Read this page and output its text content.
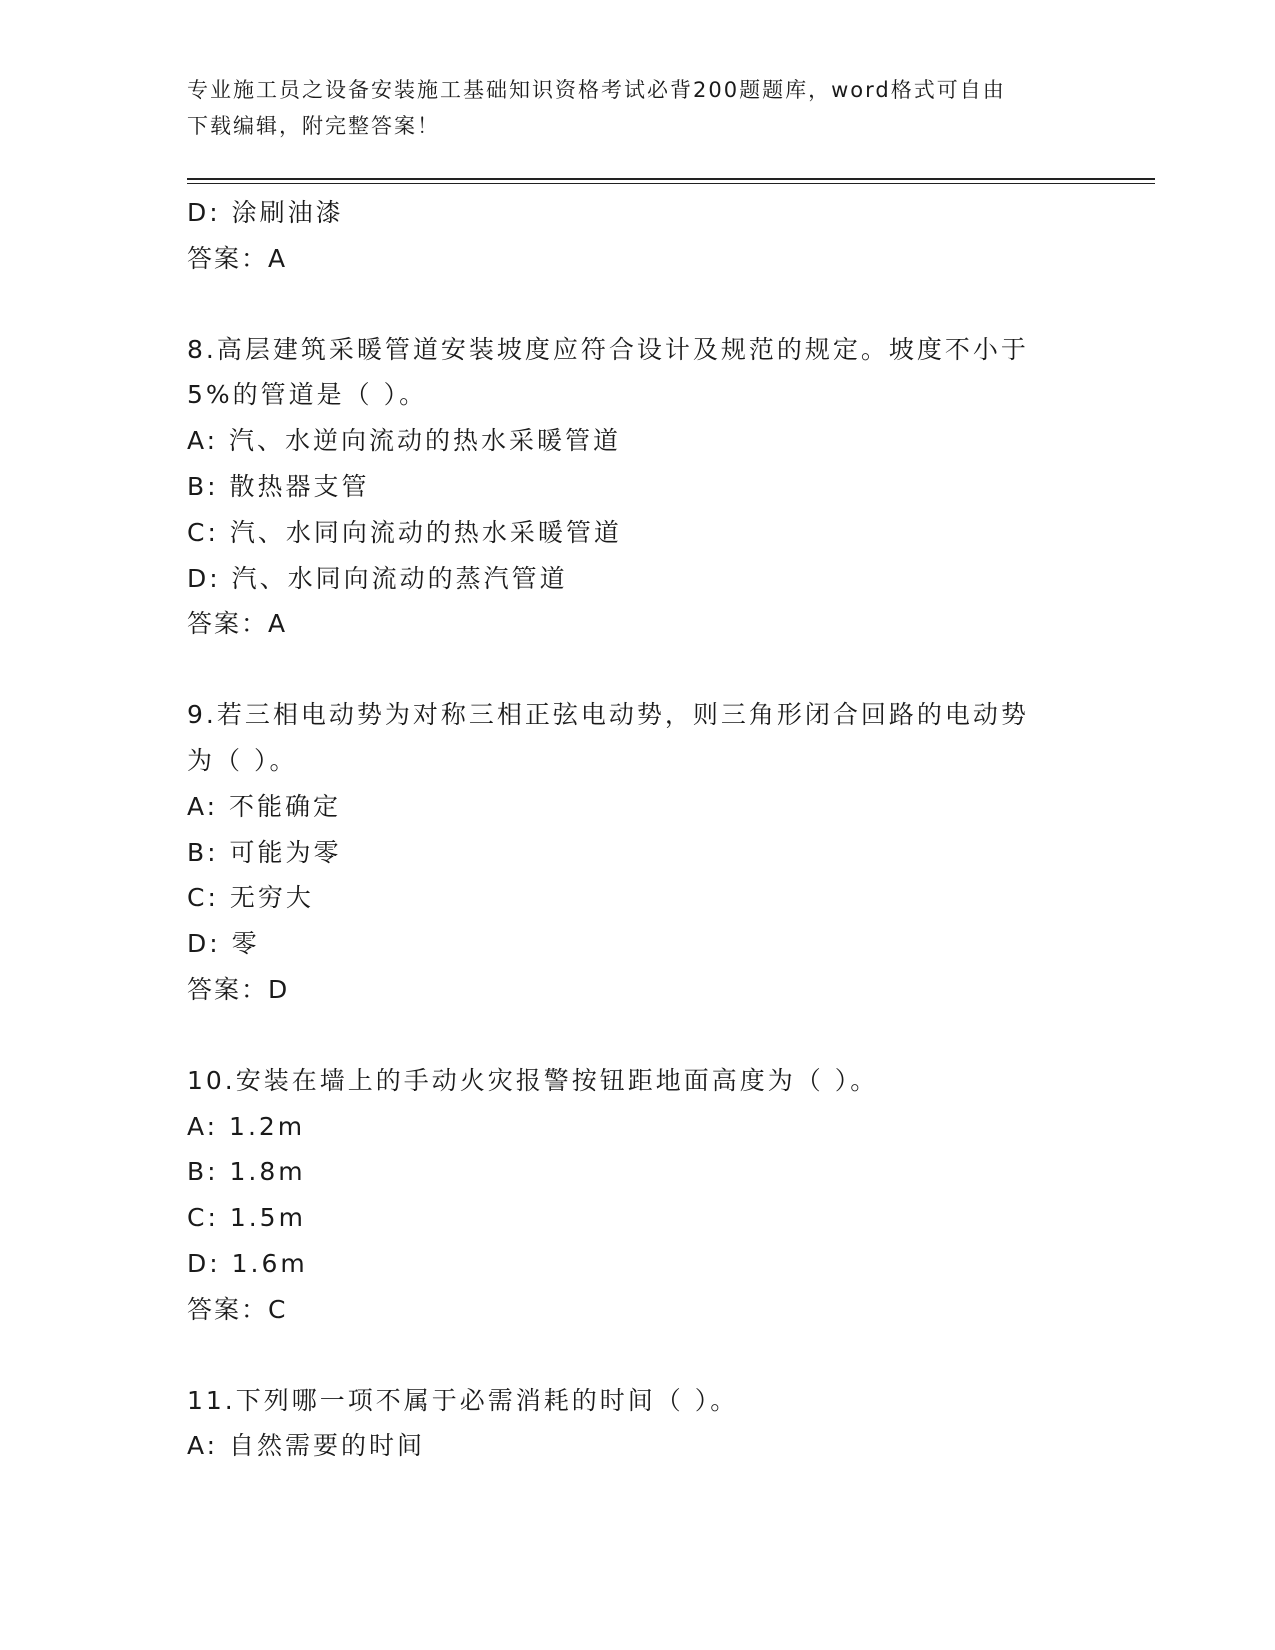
专业施工员之设备安装施工基础知识资格考试必背200题题库，word格式可自由
下载编辑，附完整答案！
D: 涂刷油漆
答案：A
8.高层建筑采暖管道安装坡度应符合设计及规范的规定。坡度不小于
5%的管道是（ ）。
A: 汽、水逆向流动的热水采暖管道
B: 散热器支管
C: 汽、水同向流动的热水采暖管道
D: 汽、水同向流动的蒸汽管道
答案：A
9.若三相电动势为对称三相正弦电动势，则三角形闭合回路的电动势
为（ ）。
A: 不能确定
B: 可能为零
C: 无穷大
D: 零
答案：D
10.安装在墙上的手动火灾报警按钮距地面高度为（ ）。
A: 1.2m
B: 1.8m
C: 1.5m
D: 1.6m
答案：C
11.下列哪一项不属于必需消耗的时间（ ）。
A: 自然需要的时间
